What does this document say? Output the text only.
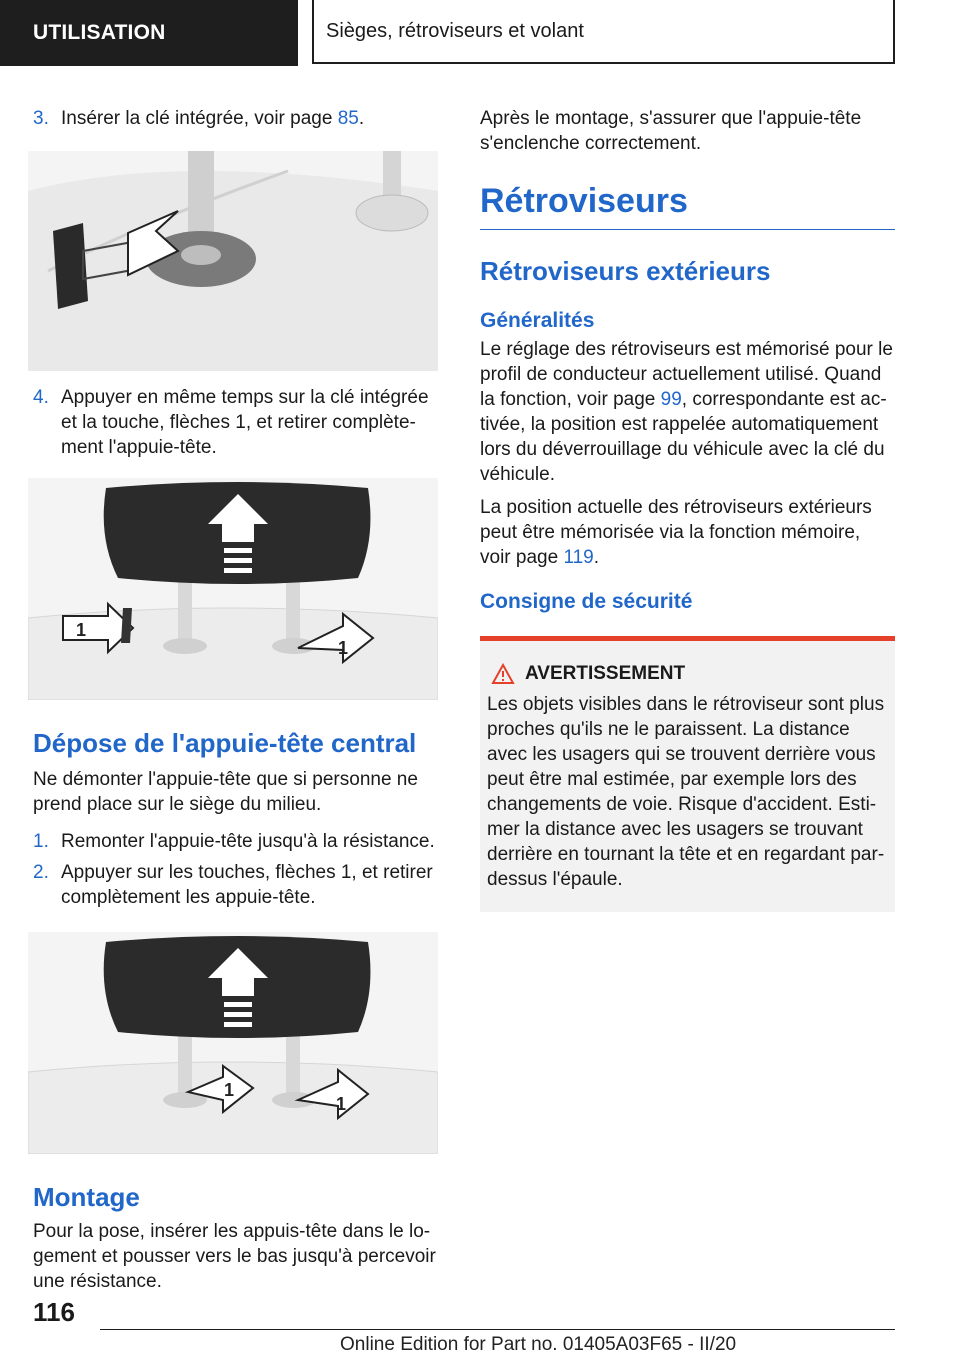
UTILISATION	Sièges, rétroviseurs et volant
3. Insérer la clé intégrée, voir page 85.
4. Appuyer en même temps sur la clé intégrée et la touche, flèches 1, et retirer complètement l'appuie-tête.
1
1
Dépose de l'appuie-tête central

Ne démonter l'appuie-tête que si personne ne prend place sur le siège du milieu.

1. Remonter l'appuie-tête jusqu'à la résistance.
2. Appuyer sur les touches, flèches 1, et retirer complètement les appuie-tête.
1
1
Montage

Pour la pose, insérer les appuis-tête dans le logement et pousser vers le bas jusqu'à percevoir une résistance.

Après le montage, s'assurer que l'appuie-tête s'enclenche correctement.

Rétroviseurs
Rétroviseurs extérieurs
Généralités

Le réglage des rétroviseurs est mémorisé pour le profil de conducteur actuellement utilisé. Quand la fonction, voir page 99, correspondante est activée, la position est rappelée automatiquement lors du déverrouillage du véhicule avec la clé du véhicule.

La position actuelle des rétroviseurs extérieurs peut être mémorisée via la fonction mémoire, voir page 119.

Consigne de sécurité
AVERTISSEMENT

Les objets visibles dans le rétroviseur sont plus proches qu'ils ne le paraissent. La distance avec les usagers qui se trouvent derrière vous peut être mal estimée, par exemple lors des changements de voie. Risque d'accident. Estimer la distance avec les usagers se trouvant derrière en tournant la tête et en regardant pardessus l'épaule.

116
Online Edition for Part no. 01405A03F65 - II/20
